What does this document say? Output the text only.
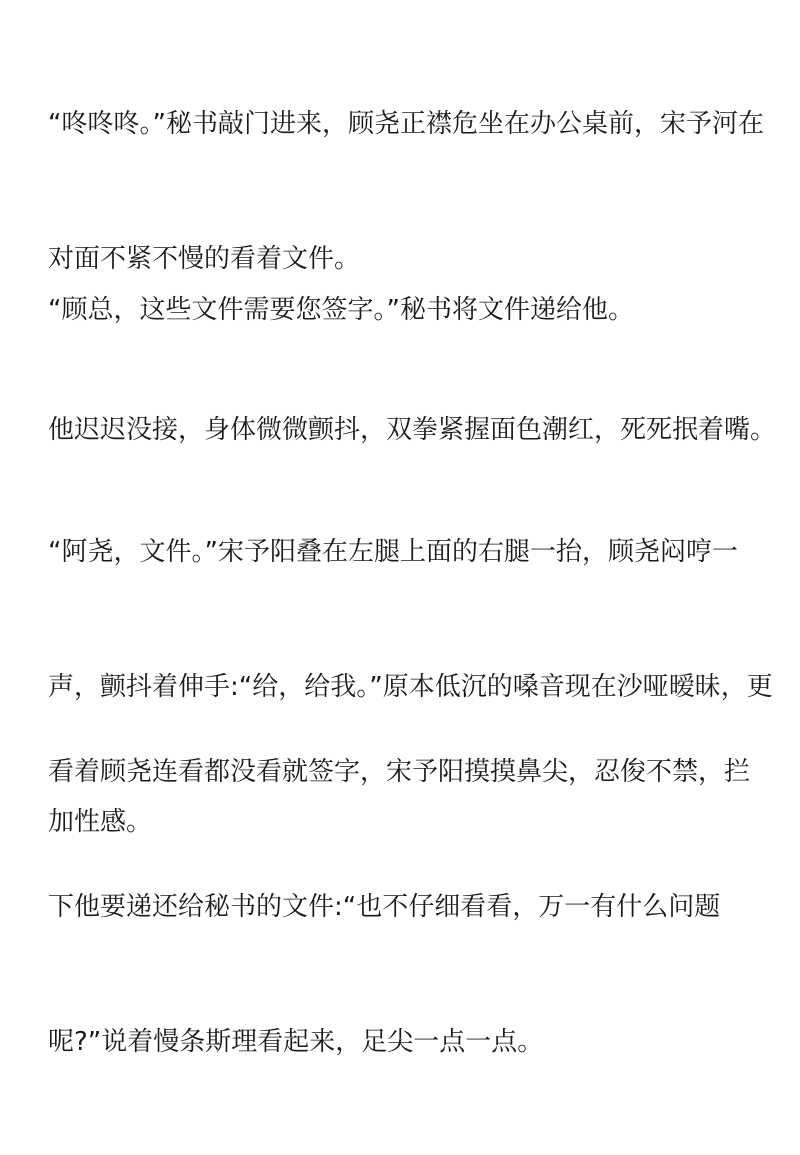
“咚咚咚。”秘书敲门进来，顾尧正襟危坐在办公桌前，宋予河在

对面不紧不慢的看着文件。

“顾总，这些文件需要您签字。”秘书将文件递给他。

他迟迟没接，身体微微颤抖，双拳紧握面色潮红，死死抿着嘴。

“阿尧，文件。”宋予阳叠在左腿上面的右腿一抬，顾尧闷哼一

声，颤抖着伸手:“给，给我。”原本低沉的嗓音现在沙哑暧昧，更

加性感。

看着顾尧连看都没看就签字，宋予阳摸摸鼻尖，忍俊不禁，拦

下他要递还给秘书的文件:“也不仔细看看，万一有什么问题

呢?”说着慢条斯理看起来，足尖一点一点。
